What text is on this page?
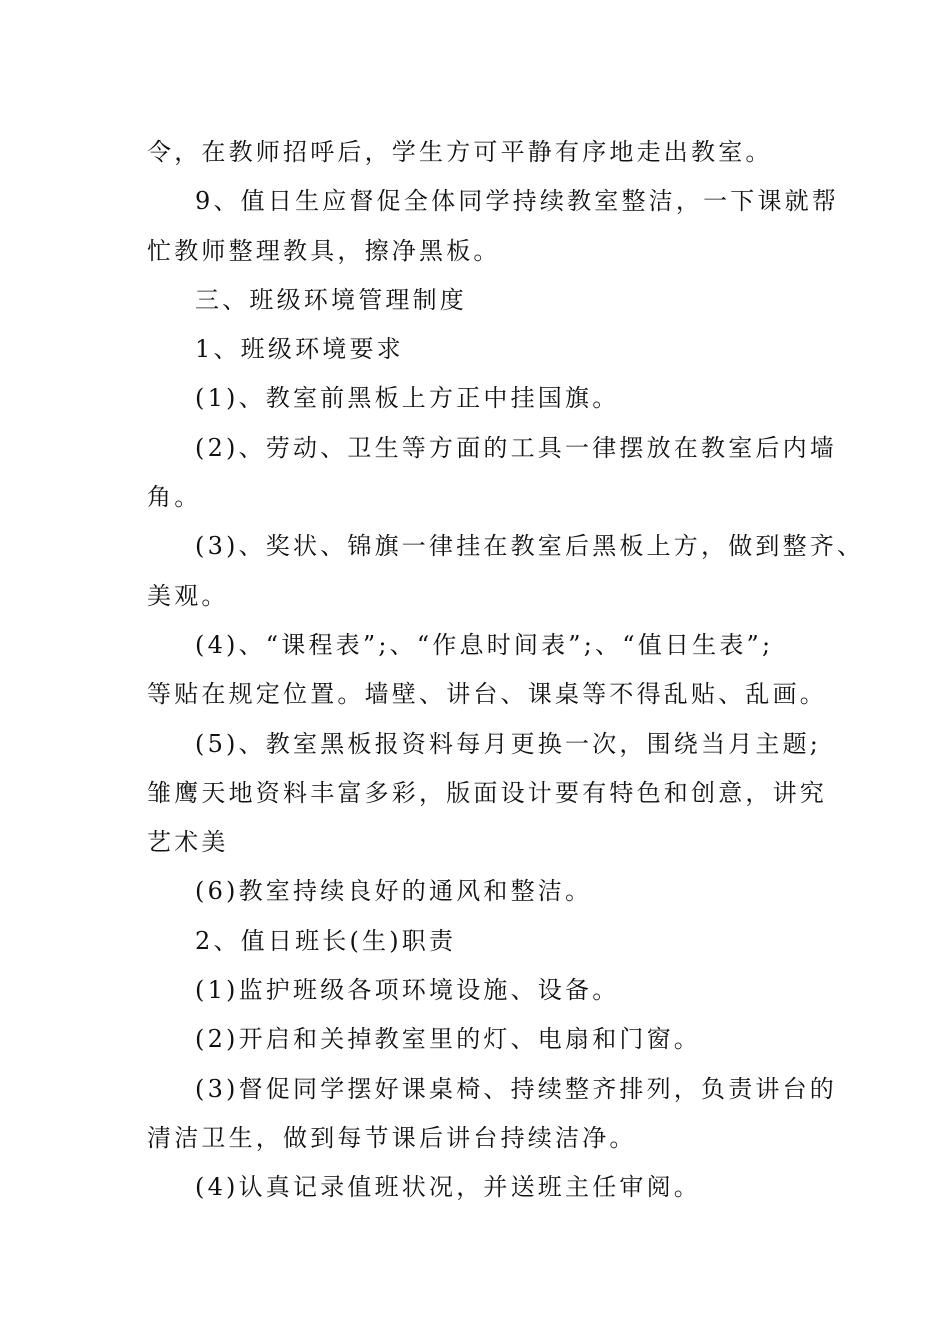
令，在教师招呼后，学生方可平静有序地走出教室。
9、值日生应督促全体同学持续教室整洁，一下课就帮
忙教师整理教具，擦净黑板。
三、班级环境管理制度
1、班级环境要求
(1)、教室前黑板上方正中挂国旗。
(2)、劳动、卫生等方面的工具一律摆放在教室后内墙
角。
(3)、奖状、锦旗一律挂在教室后黑板上方，做到整齐、
美观。
(4)、“课程表”;、“作息时间表”;、“值日生表”;
等贴在规定位置。墙壁、讲台、课桌等不得乱贴、乱画。
(5)、教室黑板报资料每月更换一次，围绕当月主题;
雏鹰天地资料丰富多彩，版面设计要有特色和创意，讲究
艺术美
(6)教室持续良好的通风和整洁。
2、值日班长(生)职责
(1)监护班级各项环境设施、设备。
(2)开启和关掉教室里的灯、电扇和门窗。
(3)督促同学摆好课桌椅、持续整齐排列，负责讲台的
清洁卫生，做到每节课后讲台持续洁净。
(4)认真记录值班状况，并送班主任审阅。
